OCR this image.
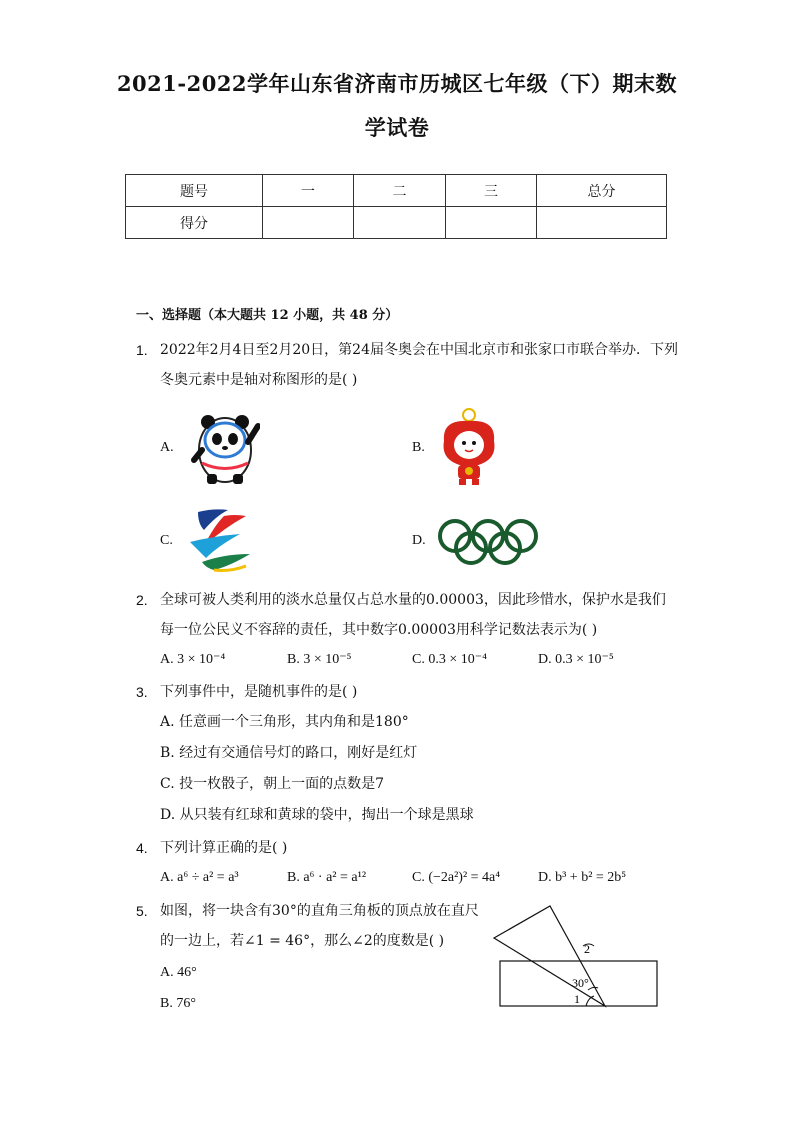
2021-2022学年山东省济南市历城区七年级（下）期末数
学试卷
题号	一	二	三	总分
得分				
一、选择题（本大题共 12 小题，共 48 分）
1. 2022年2月4日至2月20日，第24届冬奥会在中国北京市和张家口市联合举办．下列
冬奥元素中是轴对称图形的是( )
A.	B.
C.	D.
2. 全球可被人类利用的淡水总量仅占总水量的0.00003，因此珍惜水，保护水是我们
每一位公民义不容辞的责任，其中数字0.00003用科学记数法表示为( )
A. 3 × 10⁻⁴	B. 3 × 10⁻⁵	C. 0.3 × 10⁻⁴	D. 0.3 × 10⁻⁵
3. 下列事件中，是随机事件的是( )
A. 任意画一个三角形，其内角和是180°
B. 经过有交通信号灯的路口，刚好是红灯
C. 投一枚骰子，朝上一面的点数是7
D. 从只装有红球和黄球的袋中，掏出一个球是黑球
4. 下列计算正确的是( )
A. a⁶ ÷ a² = a³	B. a⁶ · a² = a¹²	C. (−2a²)² = 4a⁴	D. b³ + b² = 2b⁵
5. 如图，将一块含有30°的直角三角板的顶点放在直尺
的一边上，若∠1 = 46°，那么∠2的度数是( )
A. 46°
B. 76°
2
30°
1
